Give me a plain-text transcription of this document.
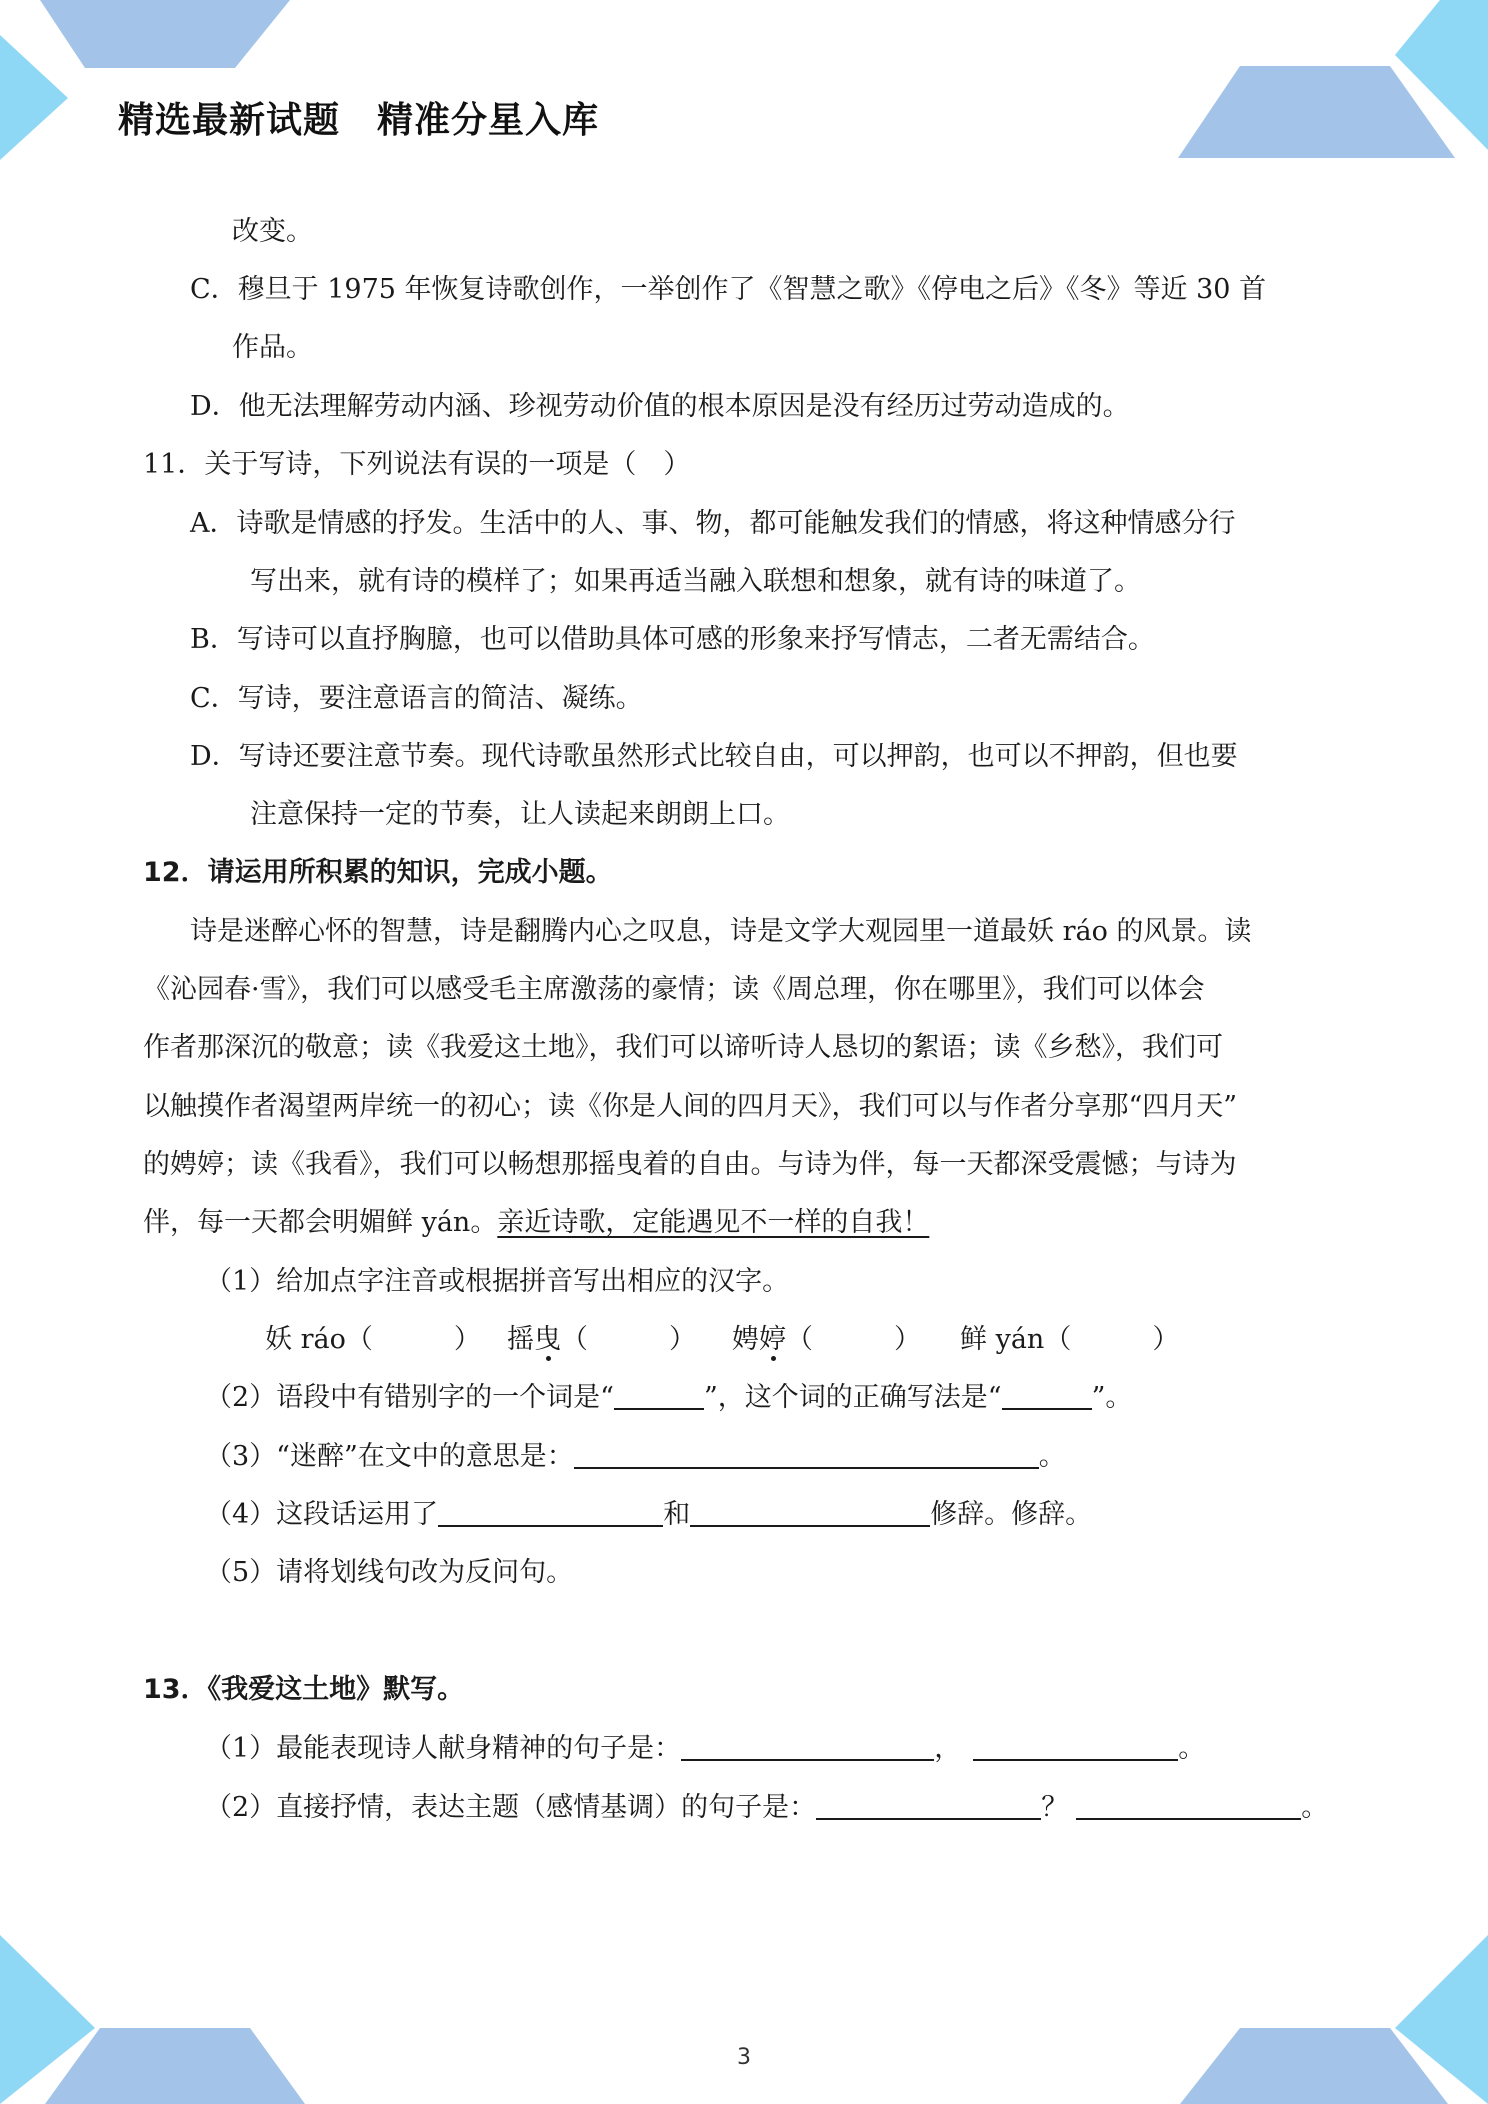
精选最新试题　精准分星入库
改变。
C．穆旦于 1975 年恢复诗歌创作，一举创作了《智慧之歌》《停电之后》《冬》等近 30 首
作品。
D．他无法理解劳动内涵、珍视劳动价值的根本原因是没有经历过劳动造成的。
11．关于写诗，下列说法有误的一项是（　）
A．诗歌是情感的抒发。生活中的人、事、物，都可能触发我们的情感，将这种情感分行
写出来，就有诗的模样了；如果再适当融入联想和想象，就有诗的味道了。
B．写诗可以直抒胸臆，也可以借助具体可感的形象来抒写情志，二者无需结合。
C．写诗，要注意语言的简洁、凝练。
D．写诗还要注意节奏。现代诗歌虽然形式比较自由，可以押韵，也可以不押韵，但也要
注意保持一定的节奏，让人读起来朗朗上口。
12．请运用所积累的知识，完成小题。
诗是迷醉心怀的智慧，诗是翻腾内心之叹息，诗是文学大观园里一道最妖 ráo 的风景。读
《沁园春·雪》，我们可以感受毛主席激荡的豪情；读《周总理，你在哪里》，我们可以体会
作者那深沉的敬意；读《我爱这土地》，我们可以谛听诗人恳切的絮语；读《乡愁》，我们可
以触摸作者渴望两岸统一的初心；读《你是人间的四月天》，我们可以与作者分享那“四月天”
的娉婷；读《我看》，我们可以畅想那摇曳着的自由。与诗为伴，每一天都深受震憾；与诗为
伴，每一天都会明媚鲜 yán。亲近诗歌，定能遇见不一样的自我！
（1）给加点字注音或根据拼音写出相应的汉字。
妖 ráo（　　　） 摇曳（　　　） 娉婷（　　　） 鲜 yán（　　　）
（2）语段中有错别字的一个词是“	”，这个词的正确写法是“	”。
（3）“迷醉”在文中的意思是：	。
（4）这段话运用了	和	修辞。修辞。
（5）请将划线句改为反问句。
13．《我爱这土地》默写。
（1）最能表现诗人献身精神的句子是：	，	。
（2）直接抒情，表达主题（感情基调）的句子是：	？	。
3
